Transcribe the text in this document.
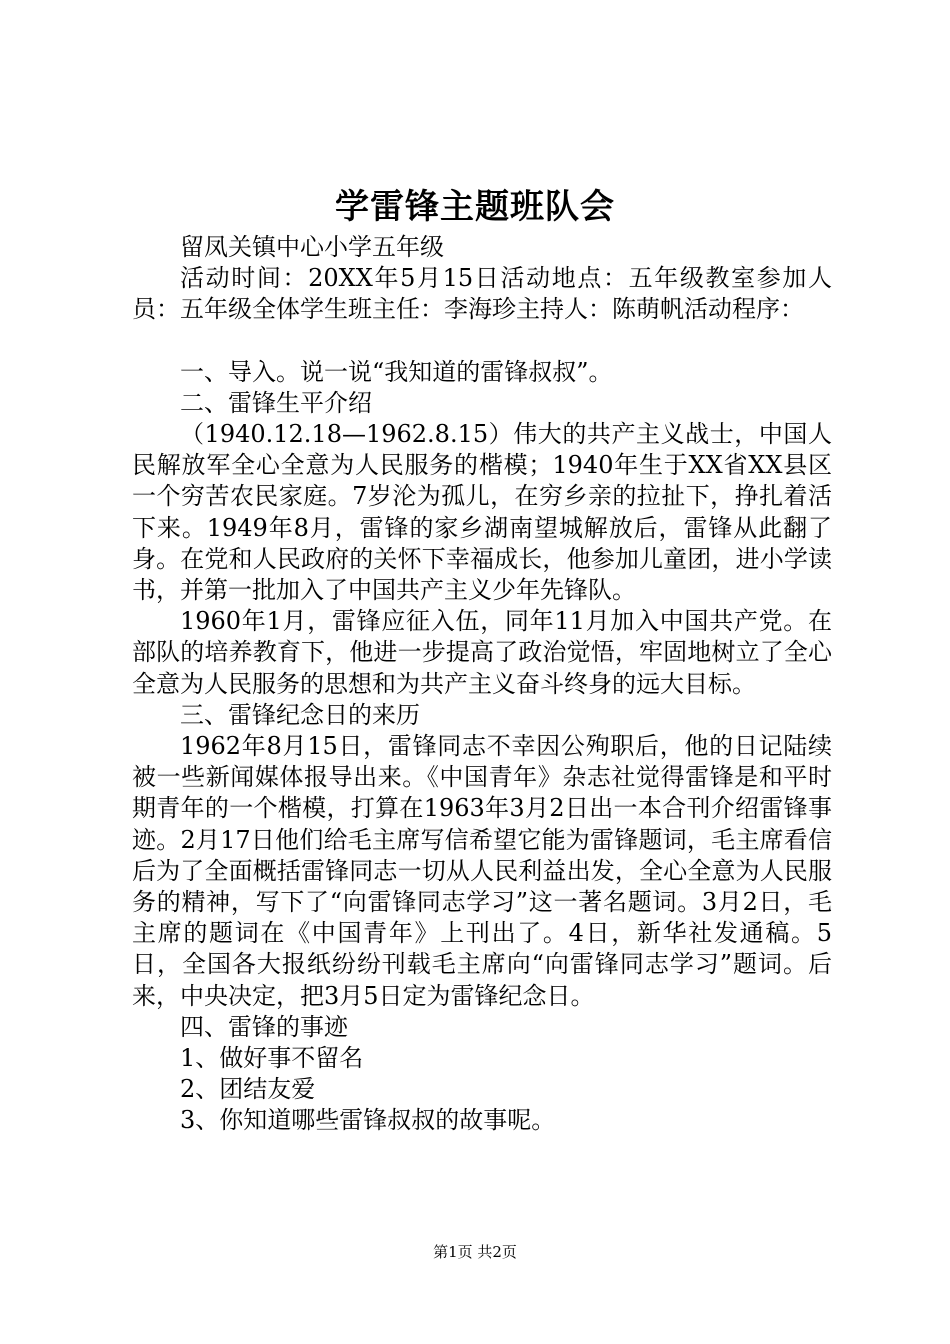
学雷锋主题班队会

留凤关镇中心小学五年级

活动时间：20XX年5月15日活动地点：五年级教室参加人员：五年级全体学生班主任：李海珍主持人：陈萌帆活动程序：

一、导入。说一说“我知道的雷锋叔叔”。

二、雷锋生平介绍

（1940.12.18—1962.8.15）伟大的共产主义战士，中国人民解放军全心全意为人民服务的楷模；1940年生于XX省XX县区一个穷苦农民家庭。7岁沦为孤儿，在穷乡亲的拉扯下，挣扎着活下来。1949年8月，雷锋的家乡湖南望城解放后，雷锋从此翻了身。在党和人民政府的关怀下幸福成长，他参加儿童团，进小学读书，并第一批加入了中国共产主义少年先锋队。

1960年1月，雷锋应征入伍，同年11月加入中国共产党。在部队的培养教育下，他进一步提高了政治觉悟，牢固地树立了全心全意为人民服务的思想和为共产主义奋斗终身的远大目标。

三、雷锋纪念日的来历

1962年8月15日，雷锋同志不幸因公殉职后，他的日记陆续被一些新闻媒体报导出来。《中国青年》杂志社觉得雷锋是和平时期青年的一个楷模，打算在1963年3月2日出一本合刊介绍雷锋事迹。2月17日他们给毛主席写信希望它能为雷锋题词，毛主席看信后为了全面概括雷锋同志一切从人民利益出发，全心全意为人民服务的精神，写下了“向雷锋同志学习”这一著名题词。3月2日，毛主席的题词在《中国青年》上刊出了。4日，新华社发通稿。5日，全国各大报纸纷纷刊载毛主席向“向雷锋同志学习”题词。后来，中央决定，把3月5日定为雷锋纪念日。

四、雷锋的事迹

1、做好事不留名

2、团结友爱

3、你知道哪些雷锋叔叔的故事呢。

第1页 共2页
